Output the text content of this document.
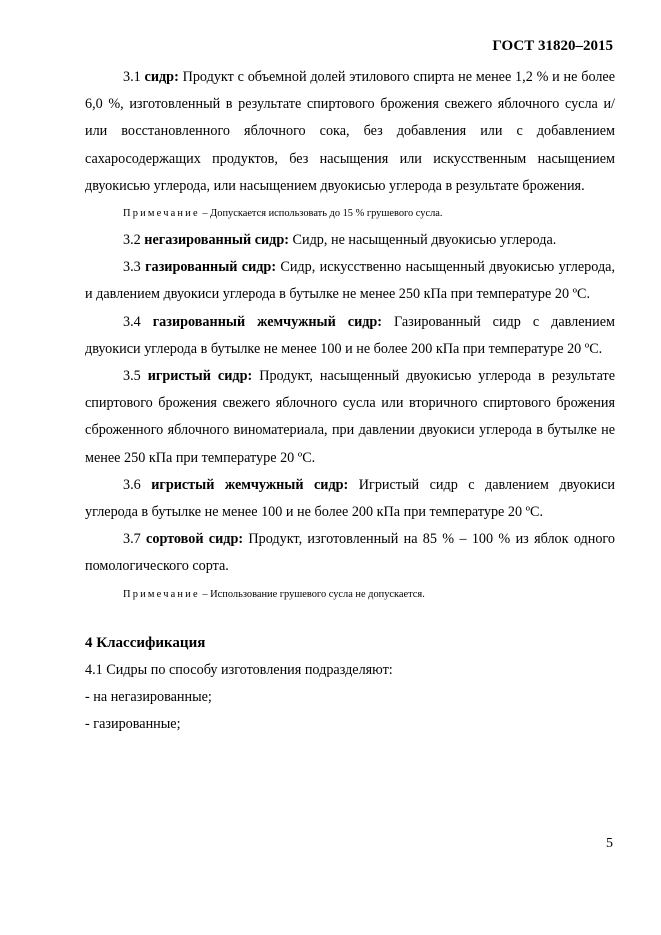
ГОСТ 31820–2015

3.1 сидр: Продукт с объемной долей этилового спирта не менее 1,2 % и не более 6,0 %, изготовленный в результате спиртового брожения свежего яблочного сусла и/или восстановленного яблочного сока, без добавления или с добавлением сахаросодержащих продуктов, без насыщения или искусственным насыщением двуокисью углерода, или насыщением двуокисью углерода в результате брожения.

Примечание – Допускается использовать до 15 % грушевого сусла.

3.2 негазированный сидр: Сидр, не насыщенный двуокисью углерода.

3.3 газированный сидр: Сидр, искусственно насыщенный двуокисью углерода, и давлением двуокиси углерода в бутылке не менее 250 кПа при температуре 20 ºС.

3.4 газированный жемчужный сидр: Газированный сидр с давлением двуокиси углерода в бутылке не менее 100 и не более 200 кПа при температуре 20 ºС.

3.5 игристый сидр: Продукт, насыщенный двуокисью углерода в результате спиртового брожения свежего яблочного сусла или вторичного спиртового брожения сброженного яблочного виноматериала, при давлении двуокиси углерода в бутылке не менее 250 кПа при температуре 20 ºС.

3.6 игристый жемчужный сидр: Игристый сидр с давлением двуокиси углерода в бутылке не менее 100 и не более 200 кПа при температуре 20 ºС.

3.7 сортовой сидр: Продукт, изготовленный на 85 % – 100 % из яблок одного помологического сорта.

Примечание – Использование грушевого сусла не допускается.

4 Классификация

4.1 Сидры по способу изготовления подразделяют:

- на негазированные;

- газированные;

5
